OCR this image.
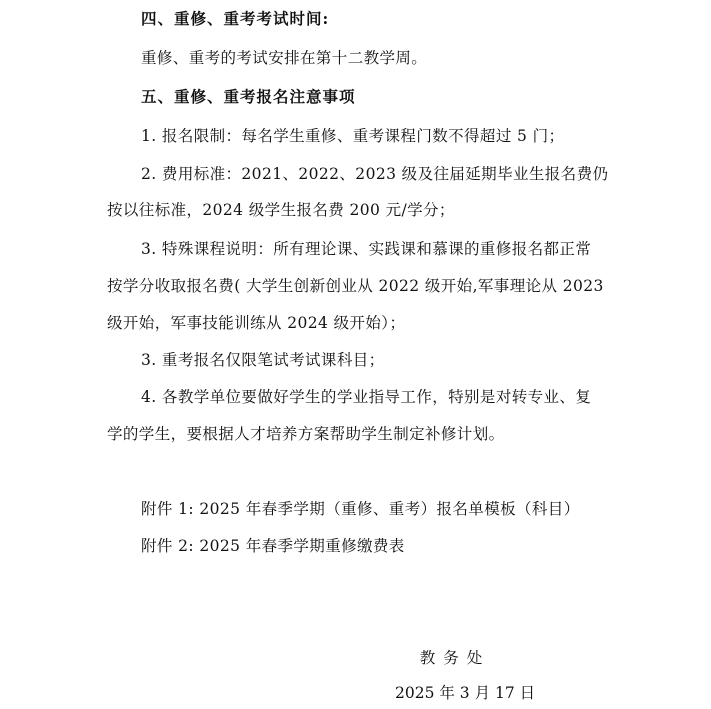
四、重修、重考考试时间:
重修、重考的考试安排在第十二教学周。
五、重修、重考报名注意事项
1. 报名限制：每名学生重修、重考课程门数不得超过 5 门；
2. 费用标准：2021、2022、2023 级及往届延期毕业生报名费仍
按以往标准，2024 级学生报名费 200 元/学分；
3. 特殊课程说明：所有理论课、实践课和慕课的重修报名都正常
按学分收取报名费( 大学生创新创业从 2022 级开始,军事理论从 2023
级开始，军事技能训练从 2024 级开始）；
3. 重考报名仅限笔试考试课科目；
4. 各教学单位要做好学生的学业指导工作，特别是对转专业、复
学的学生，要根据人才培养方案帮助学生制定补修计划。
附件 1: 2025 年春季学期（重修、重考）报名单模板（科目）
附件 2: 2025 年春季学期重修缴费表
教务处
2025 年 3 月 17 日
